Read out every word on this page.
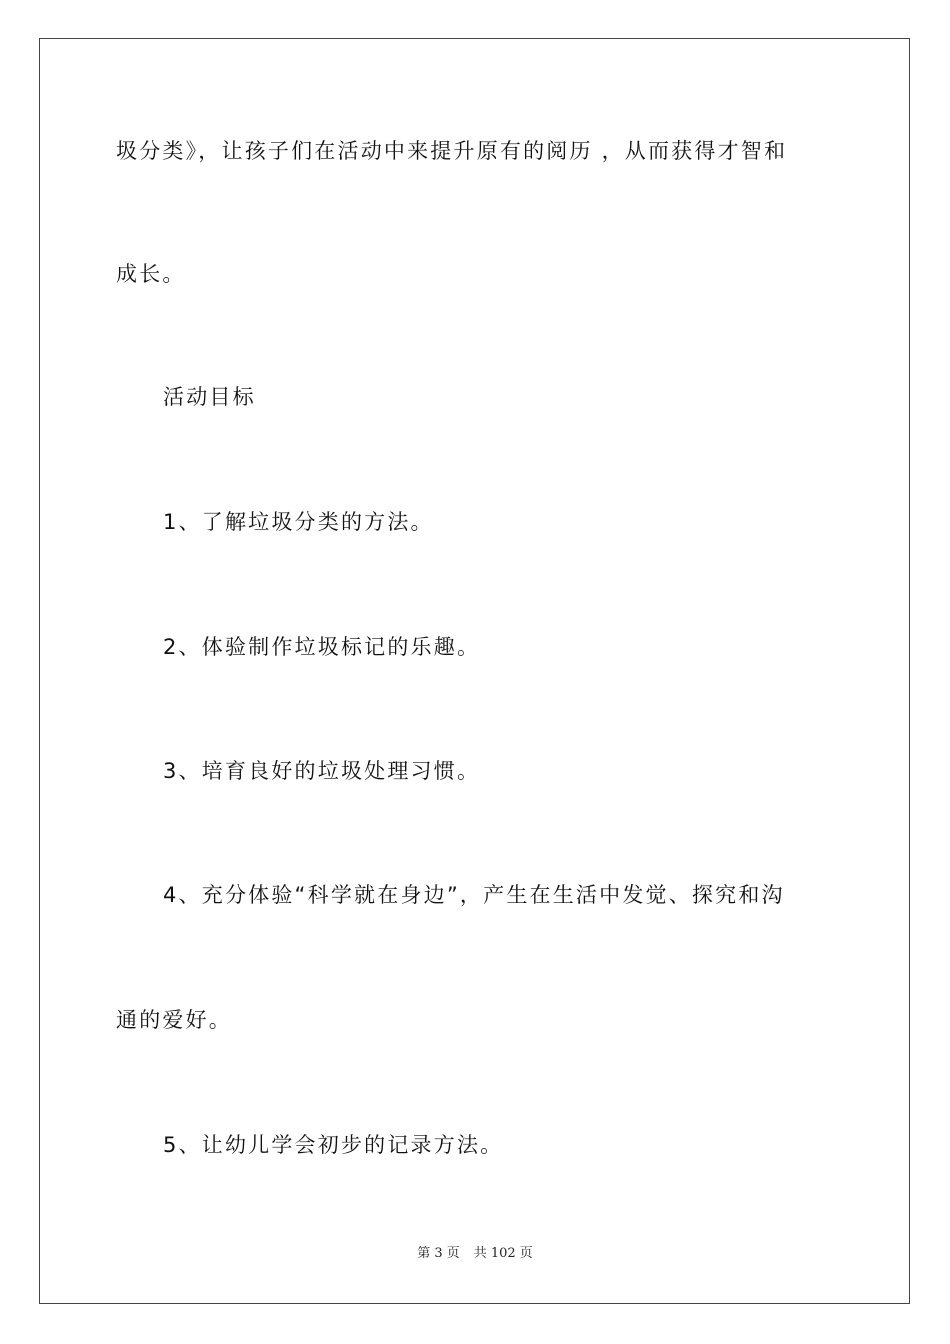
圾分类》，让孩子们在活动中来提升原有的阅历 ，从而获得才智和
成长。
活动目标
1、了解垃圾分类的方法。
2、体验制作垃圾标记的乐趣。
3、培育良好的垃圾处理习惯。
4、充分体验“科学就在身边”，产生在生活中发觉、探究和沟
通的爱好。
5、让幼儿学会初步的记录方法。
第 3 页 共 102 页
